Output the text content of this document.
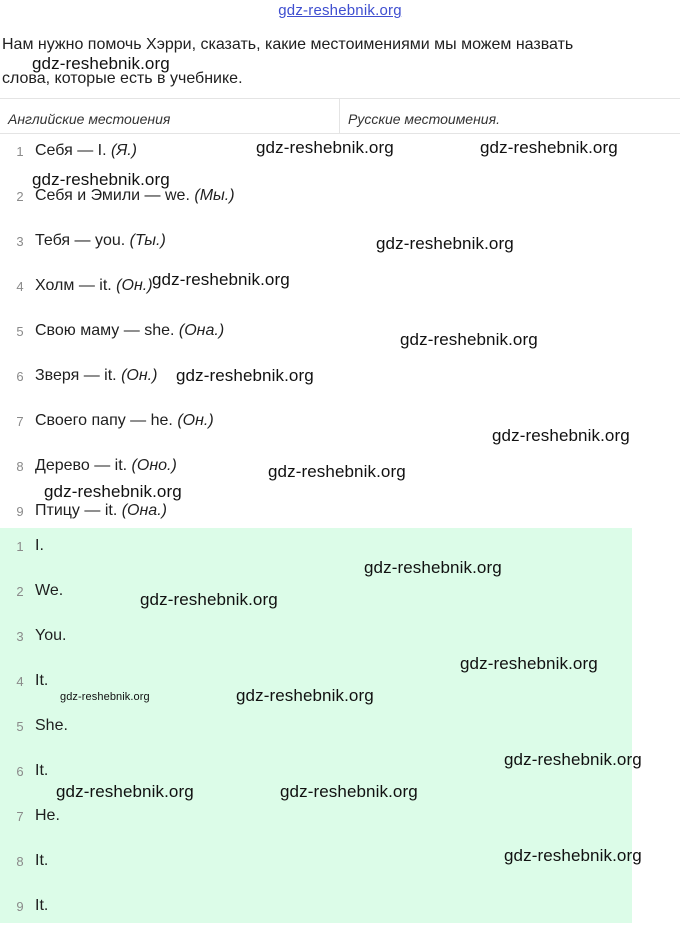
gdz-reshebnik.org

Нам нужно помочь Хэрри, сказать, какие местоимениями мы можем назвать
слова, которые есть в учебнике.

Английские местоиения	Русские местоимения.
1 Себя — I. (Я.)
2 Себя и Эмили — we. (Мы.)
3 Тебя — you. (Ты.)
4 Холм — it. (Он.)
5 Свою маму — she. (Она.)
6 Зверя — it. (Он.)
7 Своего папу — he. (Он.)
8 Дерево — it. (Оно.)
9 Птицу — it. (Она.)
1 I.
2 We.
3 You.
4 It.
5 She.
6 It.
7 He.
8 It.
9 It.
gdz-reshebnik.org
gdz-reshebnik.org	gdz-reshebnik.org
gdz-reshebnik.org
gdz-reshebnik.org
gdz-reshebnik.org
gdz-reshebnik.org
gdz-reshebnik.org
gdz-reshebnik.org
gdz-reshebnik.org
gdz-reshebnik.org
gdz-reshebnik.org
gdz-reshebnik.org
gdz-reshebnik.org
gdz-reshebnik.org
gdz-reshebnik.org
gdz-reshebnik.org
gdz-reshebnik.org	gdz-reshebnik.org
gdz-reshebnik.org
